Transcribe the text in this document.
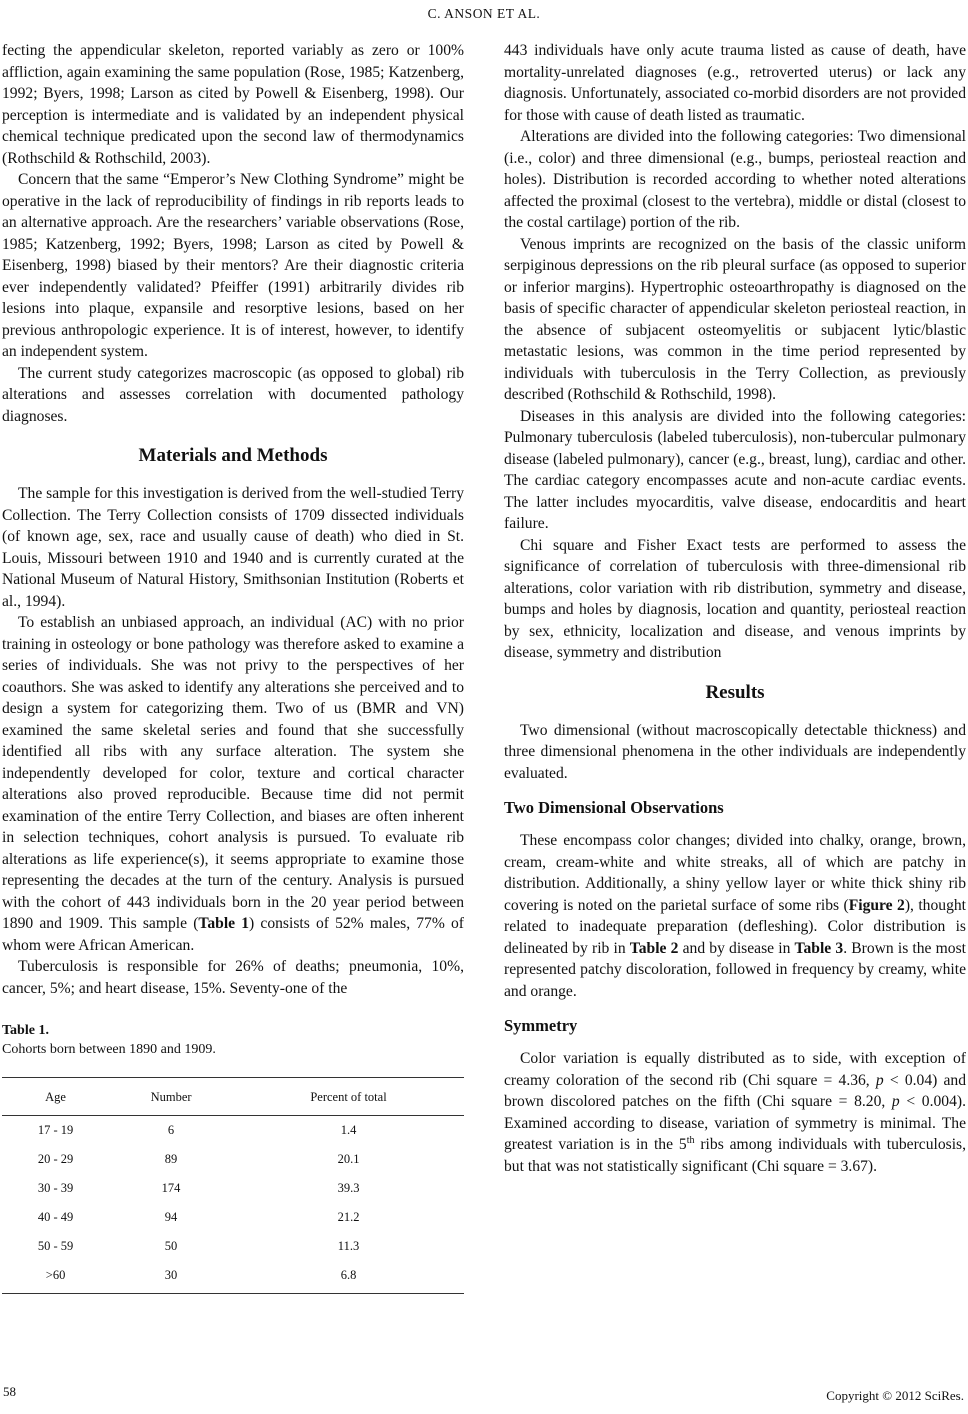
C. ANSON ET AL.

fecting the appendicular skeleton, reported variably as zero or 100% affliction, again examining the same population (Rose, 1985; Katzenberg, 1992; Byers, 1998; Larson as cited by Powell & Eisenberg, 1998). Our perception is intermediate and is validated by an independent physical chemical technique predicated upon the second law of thermodynamics (Rothschild & Rothschild, 2003).

Concern that the same “Emperor’s New Clothing Syndrome” might be operative in the lack of reproducibility of findings in rib reports leads to an alternative approach. Are the researchers’ variable observations (Rose, 1985; Katzenberg, 1992; Byers, 1998; Larson as cited by Powell & Eisenberg, 1998) biased by their mentors? Are their diagnostic criteria ever independently validated? Pfeiffer (1991) arbitrarily divides rib lesions into plaque, expansile and resorptive lesions, based on her previous anthropologic experience. It is of interest, however, to identify an independent system.

The current study categorizes macroscopic (as opposed to global) rib alterations and assesses correlation with documented pathology diagnoses.

Materials and Methods

The sample for this investigation is derived from the well-studied Terry Collection. The Terry Collection consists of 1709 dissected individuals (of known age, sex, race and usually cause of death) who died in St. Louis, Missouri between 1910 and 1940 and is currently curated at the National Museum of Natural History, Smithsonian Institution (Roberts et al., 1994).

To establish an unbiased approach, an individual (AC) with no prior training in osteology or bone pathology was therefore asked to examine a series of individuals. She was not privy to the perspectives of her coauthors. She was asked to identify any alterations she perceived and to design a system for categorizing them. Two of us (BMR and VN) examined the same skeletal series and found that she successfully identified all ribs with any surface alteration. The system she independently developed for color, texture and cortical character alterations also proved reproducible. Because time did not permit examination of the entire Terry Collection, and biases are often inherent in selection techniques, cohort analysis is pursued. To evaluate rib alterations as life experience(s), it seems appropriate to examine those representing the decades at the turn of the century. Analysis is pursued with the cohort of 443 individuals born in the 20 year period between 1890 and 1909. This sample (Table 1) consists of 52% males, 77% of whom were African American.

Tuberculosis is responsible for 26% of deaths; pneumonia, 10%, cancer, 5%; and heart disease, 15%. Seventy-one of the

Table 1.
Cohorts born between 1890 and 1909.
Age	Number	Percent of total
17 - 19	6	1.4
20 - 29	89	20.1
30 - 39	174	39.3
40 - 49	94	21.2
50 - 59	50	11.3
>60	30	6.8

443 individuals have only acute trauma listed as cause of death, have mortality-unrelated diagnoses (e.g., retroverted uterus) or lack any diagnosis. Unfortunately, associated co-morbid disorders are not provided for those with cause of death listed as traumatic.

Alterations are divided into the following categories: Two dimensional (i.e., color) and three dimensional (e.g., bumps, periosteal reaction and holes). Distribution is recorded according to whether noted alterations affected the proximal (closest to the vertebra), middle or distal (closest to the costal cartilage) portion of the rib.

Venous imprints are recognized on the basis of the classic uniform serpiginous depressions on the rib pleural surface (as opposed to superior or inferior margins). Hypertrophic osteoarthropathy is diagnosed on the basis of specific character of appendicular skeleton periosteal reaction, in the absence of subjacent osteomyelitis or subjacent lytic/blastic metastatic lesions, was common in the time period represented by individuals with tuberculosis in the Terry Collection, as previously described (Rothschild & Rothschild, 1998).

Diseases in this analysis are divided into the following categories: Pulmonary tuberculosis (labeled tuberculosis), non-tubercular pulmonary disease (labeled pulmonary), cancer (e.g., breast, lung), cardiac and other. The cardiac category encompasses acute and non-acute cardiac events. The latter includes myocarditis, valve disease, endocarditis and heart failure.

Chi square and Fisher Exact tests are performed to assess the significance of correlation of tuberculosis with three-dimensional rib alterations, color variation with rib distribution, symmetry and disease, bumps and holes by diagnosis, location and quantity, periosteal reaction by sex, ethnicity, localization and disease, and venous imprints by disease, symmetry and distribution

Results

Two dimensional (without macroscopically detectable thickness) and three dimensional phenomena in the other individuals are independently evaluated.

Two Dimensional Observations

These encompass color changes; divided into chalky, orange, brown, cream, cream-white and white streaks, all of which are patchy in distribution. Additionally, a shiny yellow layer or white thick shiny rib covering is noted on the parietal surface of some ribs (Figure 2), thought related to inadequate preparation (defleshing). Color distribution is delineated by rib in Table 2 and by disease in Table 3. Brown is the most represented patchy discoloration, followed in frequency by creamy, white and orange.

Symmetry

Color variation is equally distributed as to side, with exception of creamy coloration of the second rib (Chi square = 4.36, p < 0.04) and brown discolored patches on the fifth (Chi square = 8.20, p < 0.004). Examined according to disease, variation of symmetry is minimal. The greatest variation is in the 5th ribs among individuals with tuberculosis, but that was not statistically significant (Chi square = 3.67).

58	Copyright © 2012 SciRes.
